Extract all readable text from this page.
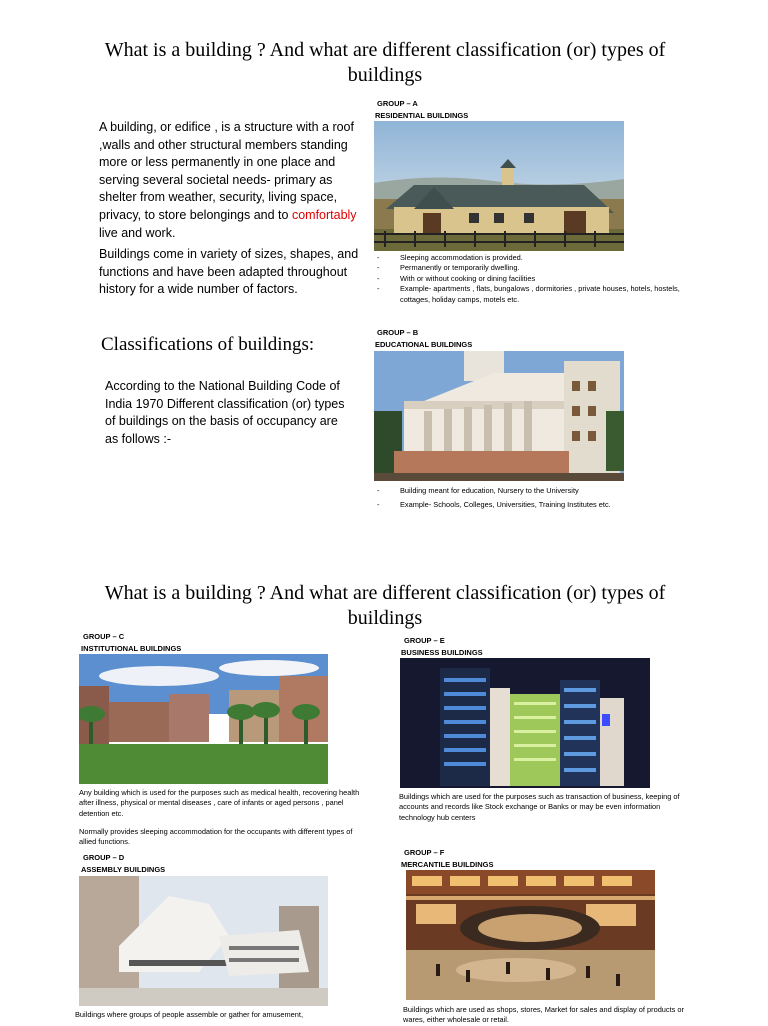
What is a building ? And what are different classification (or) types of buildings
A building, or edifice , is a structure with a roof ,walls and other structural members standing more or less permanently in one place and serving several societal needs- primary as shelter from weather, security, living space, privacy, to store belongings and to comfortably live and work.
Buildings come in variety of sizes, shapes, and functions and have been adapted throughout history for a wide number of factors.
Classifications of buildings:
According to the National Building Code of India 1970 Different classification (or) types of buildings on the basis of occupancy are as follows :-
GROUP – A
RESIDENTIAL BUILDINGS
- Sleeping accommodation is provided.
- Permanently or temporarily dwelling.
- With or without cooking or dining facilities
- Example- apartments , flats, bungalows , dormitories , private houses, hotels, hostels, cottages, holiday camps, motels etc.
GROUP – B
EDUCATIONAL BUILDINGS
- Building meant for education, Nursery to the University
- Example- Schools, Colleges, Universities, Training Institutes etc.
What is a building ? And what are different classification (or) types of buildings
GROUP – C
INSTITUTIONAL BUILDINGS
Any building which is used for the purposes such as medical health, recovering health after illness, physical or mental diseases , care of infants or aged persons , panel detention etc.
Normally provides sleeping accommodation for the occupants with different types of allied functions.
GROUP – D
ASSEMBLY BUILDINGS
Buildings where groups of people assemble or gather for amusement,
GROUP – E
BUSINESS BUILDINGS
Buildings which are used for the purposes such as transaction of business, keeping of accounts and records like Stock exchange or Banks or may be even information technology hub centers
GROUP – F
MERCANTILE BUILDINGS
Buildings which are used as shops, stores, Market for sales and display of products or wares, either wholesale or retail.
